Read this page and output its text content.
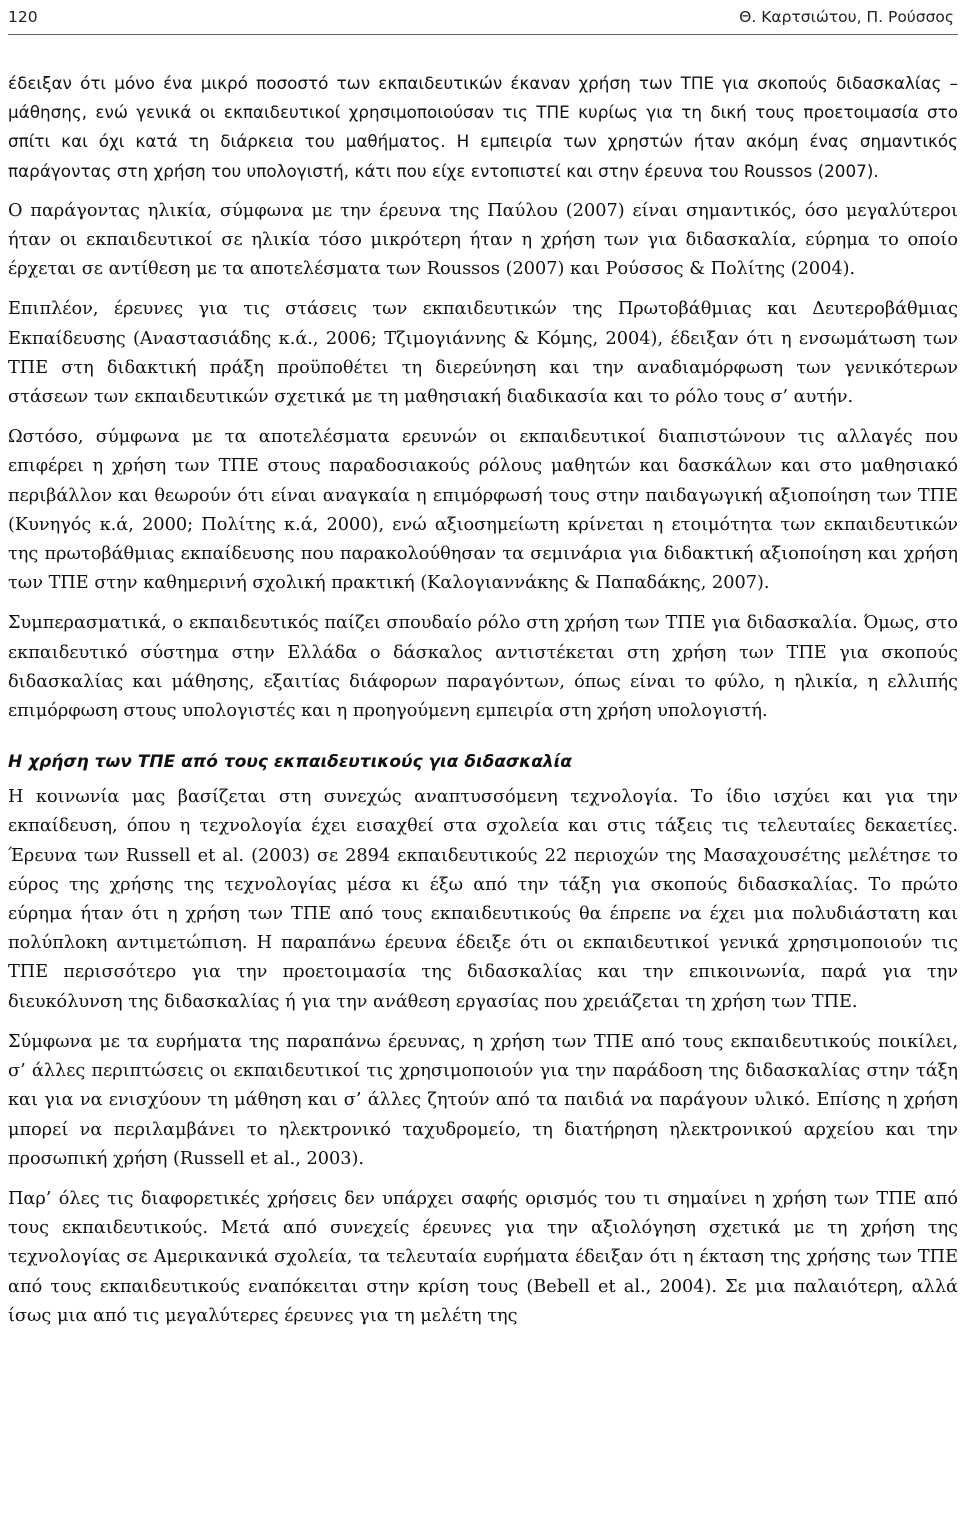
120	Θ. Καρτσιώτου, Π. Ρούσσος

έδειξαν ότι μόνο ένα μικρό ποσοστό των εκπαιδευτικών έκαναν χρήση των ΤΠΕ για σκοπούς διδασκαλίας – μάθησης, ενώ γενικά οι εκπαιδευτικοί χρησιμοποιούσαν τις ΤΠΕ κυρίως για τη δική τους προετοιμασία στο σπίτι και όχι κατά τη διάρκεια του μαθήματος. Η εμπειρία των χρηστών ήταν ακόμη ένας σημαντικός παράγοντας στη χρήση του υπολογιστή, κάτι που είχε εντοπιστεί και στην έρευνα του Roussos (2007).

Ο παράγοντας ηλικία, σύμφωνα με την έρευνα της Παύλου (2007) είναι σημαντικός, όσο μεγαλύτεροι ήταν οι εκπαιδευτικοί σε ηλικία τόσο μικρότερη ήταν η χρήση των για διδασκαλία, εύρημα το οποίο έρχεται σε αντίθεση με τα αποτελέσματα των Roussos (2007) και Ρούσσος & Πολίτης (2004).

Επιπλέον, έρευνες για τις στάσεις των εκπαιδευτικών της Πρωτοβάθμιας και Δευτεροβάθμιας Εκπαίδευσης (Αναστασιάδης κ.ά., 2006; Τζιμογιάννης & Κόμης, 2004), έδειξαν ότι η ενσωμάτωση των ΤΠΕ στη διδακτική πράξη προϋποθέτει τη διερεύνηση και την αναδιαμόρφωση των γενικότερων στάσεων των εκπαιδευτικών σχετικά με τη μαθησιακή διαδικασία και το ρόλο τους σ’ αυτήν.

Ωστόσο, σύμφωνα με τα αποτελέσματα ερευνών οι εκπαιδευτικοί διαπιστώνουν τις αλλαγές που επιφέρει η χρήση των ΤΠΕ στους παραδοσιακούς ρόλους μαθητών και δασκάλων και στο μαθησιακό περιβάλλον και θεωρούν ότι είναι αναγκαία η επιμόρφωσή τους στην παιδαγωγική αξιοποίηση των ΤΠΕ (Κυνηγός κ.ά, 2000; Πολίτης κ.ά, 2000), ενώ αξιοσημείωτη κρίνεται η ετοιμότητα των εκπαιδευτικών της πρωτοβάθμιας εκπαίδευσης που παρακολούθησαν τα σεμινάρια για διδακτική αξιοποίηση και χρήση των ΤΠΕ στην καθημερινή σχολική πρακτική (Καλογιαννάκης & Παπαδάκης, 2007).

Συμπερασματικά, ο εκπαιδευτικός παίζει σπουδαίο ρόλο στη χρήση των ΤΠΕ για διδασκαλία. Όμως, στο εκπαιδευτικό σύστημα στην Ελλάδα ο δάσκαλος αντιστέκεται στη χρήση των ΤΠΕ για σκοπούς διδασκαλίας και μάθησης, εξαιτίας διάφορων παραγόντων, όπως είναι το φύλο, η ηλικία, η ελλιπής επιμόρφωση στους υπολογιστές και η προηγούμενη εμπειρία στη χρήση υπολογιστή.

Η χρήση των ΤΠΕ από τους εκπαιδευτικούς για διδασκαλία

Η κοινωνία μας βασίζεται στη συνεχώς αναπτυσσόμενη τεχνολογία. Το ίδιο ισχύει και για την εκπαίδευση, όπου η τεχνολογία έχει εισαχθεί στα σχολεία και στις τάξεις τις τελευταίες δεκαετίες. Έρευνα των Russell et al. (2003) σε 2894 εκπαιδευτικούς 22 περιοχών της Μασαχουσέτης μελέτησε το εύρος της χρήσης της τεχνολογίας μέσα κι έξω από την τάξη για σκοπούς διδασκαλίας. Το πρώτο εύρημα ήταν ότι η χρήση των ΤΠΕ από τους εκπαιδευτικούς θα έπρεπε να έχει μια πολυδιάστατη και πολύπλοκη αντιμετώπιση. Η παραπάνω έρευνα έδειξε ότι οι εκπαιδευτικοί γενικά χρησιμοποιούν τις ΤΠΕ περισσότερο για την προετοιμασία της διδασκαλίας και την επικοινωνία, παρά για την διευκόλυνση της διδασκαλίας ή για την ανάθεση εργασίας που χρειάζεται τη χρήση των ΤΠΕ.

Σύμφωνα με τα ευρήματα της παραπάνω έρευνας, η χρήση των ΤΠΕ από τους εκπαιδευτικούς ποικίλει, σ’ άλλες περιπτώσεις οι εκπαιδευτικοί τις χρησιμοποιούν για την παράδοση της διδασκαλίας στην τάξη και για να ενισχύουν τη μάθηση και σ’ άλλες ζητούν από τα παιδιά να παράγουν υλικό. Επίσης η χρήση μπορεί να περιλαμβάνει το ηλεκτρονικό ταχυδρομείο, τη διατήρηση ηλεκτρονικού αρχείου και την προσωπική χρήση (Russell et al., 2003).

Παρ’ όλες τις διαφορετικές χρήσεις δεν υπάρχει σαφής ορισμός του τι σημαίνει η χρήση των ΤΠΕ από τους εκπαιδευτικούς. Μετά από συνεχείς έρευνες για την αξιολόγηση σχετικά με τη χρήση της τεχνολογίας σε Αμερικανικά σχολεία, τα τελευταία ευρήματα έδειξαν ότι η έκταση της χρήσης των ΤΠΕ από τους εκπαιδευτικούς εναπόκειται στην κρίση τους (Bebell et al., 2004). Σε μια παλαιότερη, αλλά ίσως μια από τις μεγαλύτερες έρευνες για τη μελέτη της
